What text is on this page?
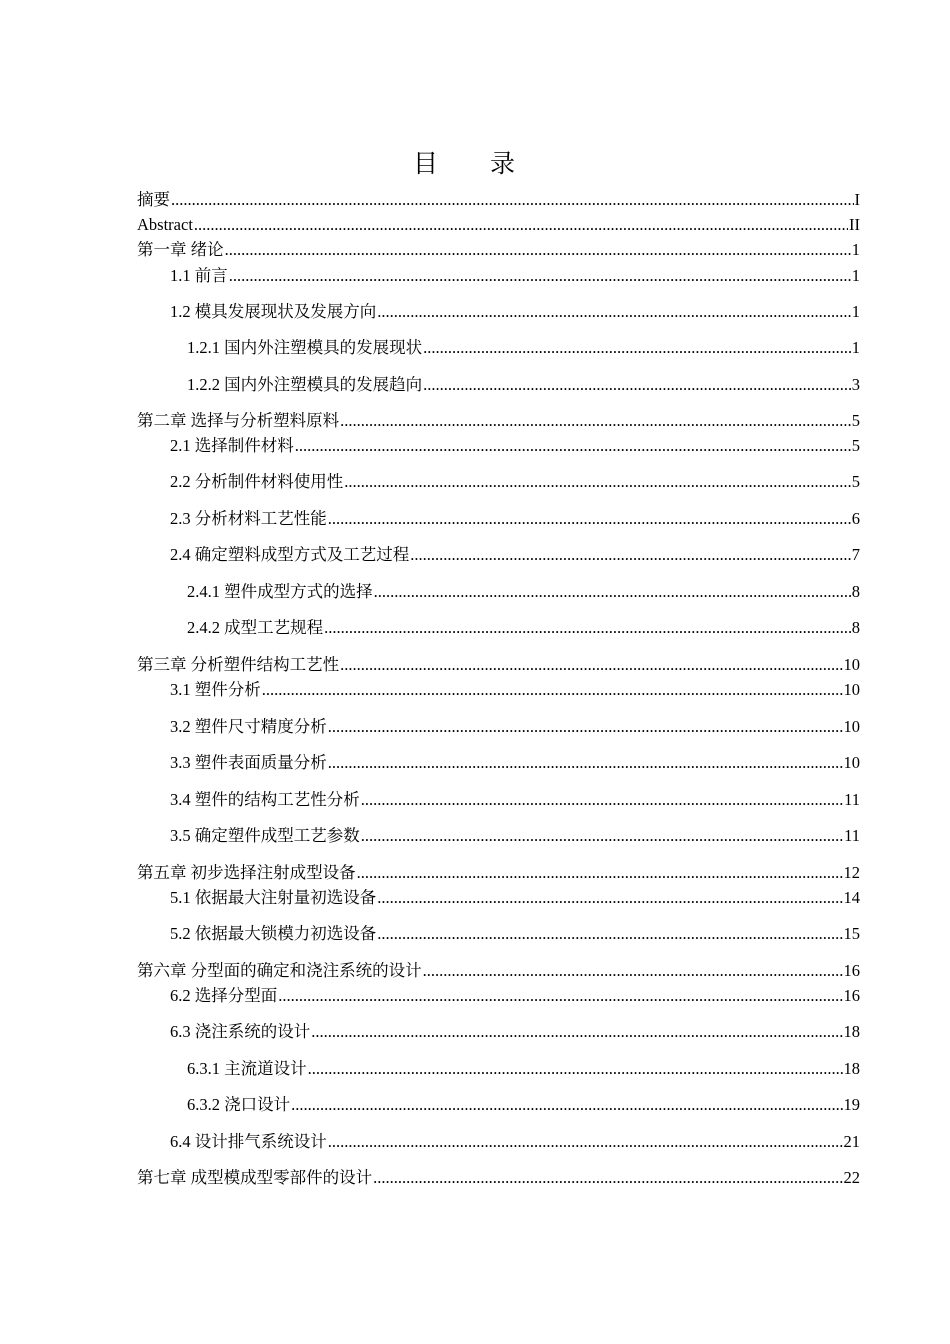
目 录
摘要 .....	I
Abstract .....	II
第一章 绪论 .....	1
1.1 前言 .....	1
1.2 模具发展现状及发展方向 .....	1
1.2.1 国内外注塑模具的发展现状 .....	1
1.2.2 国内外注塑模具的发展趋向 .....	3
第二章 选择与分析塑料原料 .....	5
2.1 选择制件材料 .....	5
2.2 分析制件材料使用性 .....	5
2.3 分析材料工艺性能 .....	6
2.4 确定塑料成型方式及工艺过程 .....	7
2.4.1 塑件成型方式的选择 .....	8
2.4.2 成型工艺规程 .....	8
第三章 分析塑件结构工艺性 .....	10
3.1 塑件分析 .....	10
3.2 塑件尺寸精度分析 .....	10
3.3 塑件表面质量分析 .....	10
3.4 塑件的结构工艺性分析 .....	11
3.5 确定塑件成型工艺参数 .....	11
第五章 初步选择注射成型设备 .....	12
5.1 依据最大注射量初选设备 .....	14
5.2 依据最大锁模力初选设备 .....	15
第六章 分型面的确定和浇注系统的设计 .....	16
6.2 选择分型面 .....	16
6.3 浇注系统的设计 .....	18
6.3.1 主流道设计 .....	18
6.3.2 浇口设计 .....	19
6.4 设计排气系统设计 .....	21
第七章 成型模成型零部件的设计 .....	22
